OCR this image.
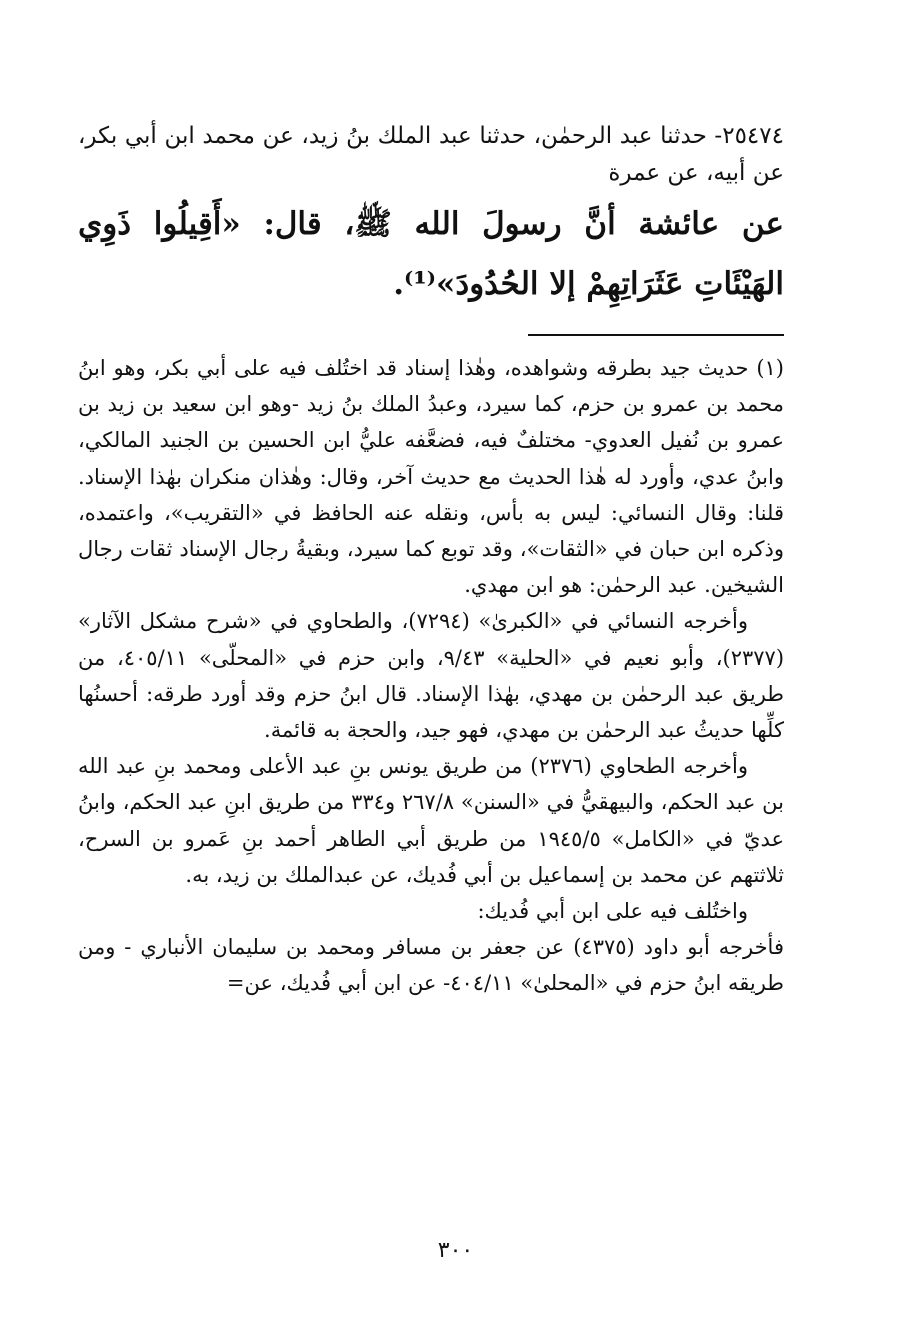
٢٥٤٧٤- حدثنا عبد الرحمٰن، حدثنا عبد الملك بنُ زيد، عن محمد ابن أبي بكر، عن أبيه، عن عمرة

عن عائشة أنَّ رسولَ الله ﷺ، قال: «أَقِيلُوا ذَوِي الهَيْئَاتِ عَثَرَاتِهِمْ إلا الحُدُودَ»⁽¹⁾.

(١) حديث جيد بطرقه وشواهده، وهٰذا إسناد قد اختُلف فيه على أبي بكر، وهو ابنُ محمد بن عمرو بن حزم، كما سيرد، وعبدُ الملك بنُ زيد -وهو ابن سعيد بن زيد بن عمرو بن نُفيل العدوي- مختلفٌ فيه، فضعَّفه عليُّ ابن الحسين بن الجنيد المالكي، وابنُ عدي، وأورد له هٰذا الحديث مع حديث آخر، وقال: وهٰذان منكران بهٰذا الإسناد. قلنا: وقال النسائي: ليس به بأس، ونقله عنه الحافظ في «التقريب»، واعتمده، وذكره ابن حبان في «الثقات»، وقد توبع كما سيرد، وبقيةُ رجال الإسناد ثقات رجال الشيخين. عبد الرحمٰن: هو ابن مهدي.

وأخرجه النسائي في «الكبرىٰ» (٧٢٩٤)، والطحاوي في «شرح مشكل الآثار» (٢٣٧٧)، وأبو نعيم في «الحلية» ٩/٤٣، وابن حزم في «المحلّى» ٤٠٥/١١، من طريق عبد الرحمٰن بن مهدي، بهٰذا الإسناد. قال ابنُ حزم وقد أورد طرقه: أحسنُها كلِّها حديثُ عبد الرحمٰن بن مهدي، فهو جيد، والحجة به قائمة.

وأخرجه الطحاوي (٢٣٧٦) من طريق يونس بنِ عبد الأعلى ومحمد بنِ عبد الله بن عبد الحكم، والبيهقيُّ في «السنن» ٢٦٧/٨ و٣٣٤ من طريق ابنِ عبد الحكم، وابنُ عديّ في «الكامل» ١٩٤٥/٥ من طريق أبي الطاهر أحمد بنِ عَمرو بن السرح، ثلاثتهم عن محمد بن إسماعيل بن أبي فُديك، عن عبدالملك بن زيد، به.

واختُلف فيه على ابن أبي فُديك:

فأخرجه أبو داود (٤٣٧٥) عن جعفر بن مسافر ومحمد بن سليمان الأنباري - ومن طريقه ابنُ حزم في «المحلىٰ» ٤٠٤/١١- عن ابن أبي فُديك، عن=

٣٠٠
